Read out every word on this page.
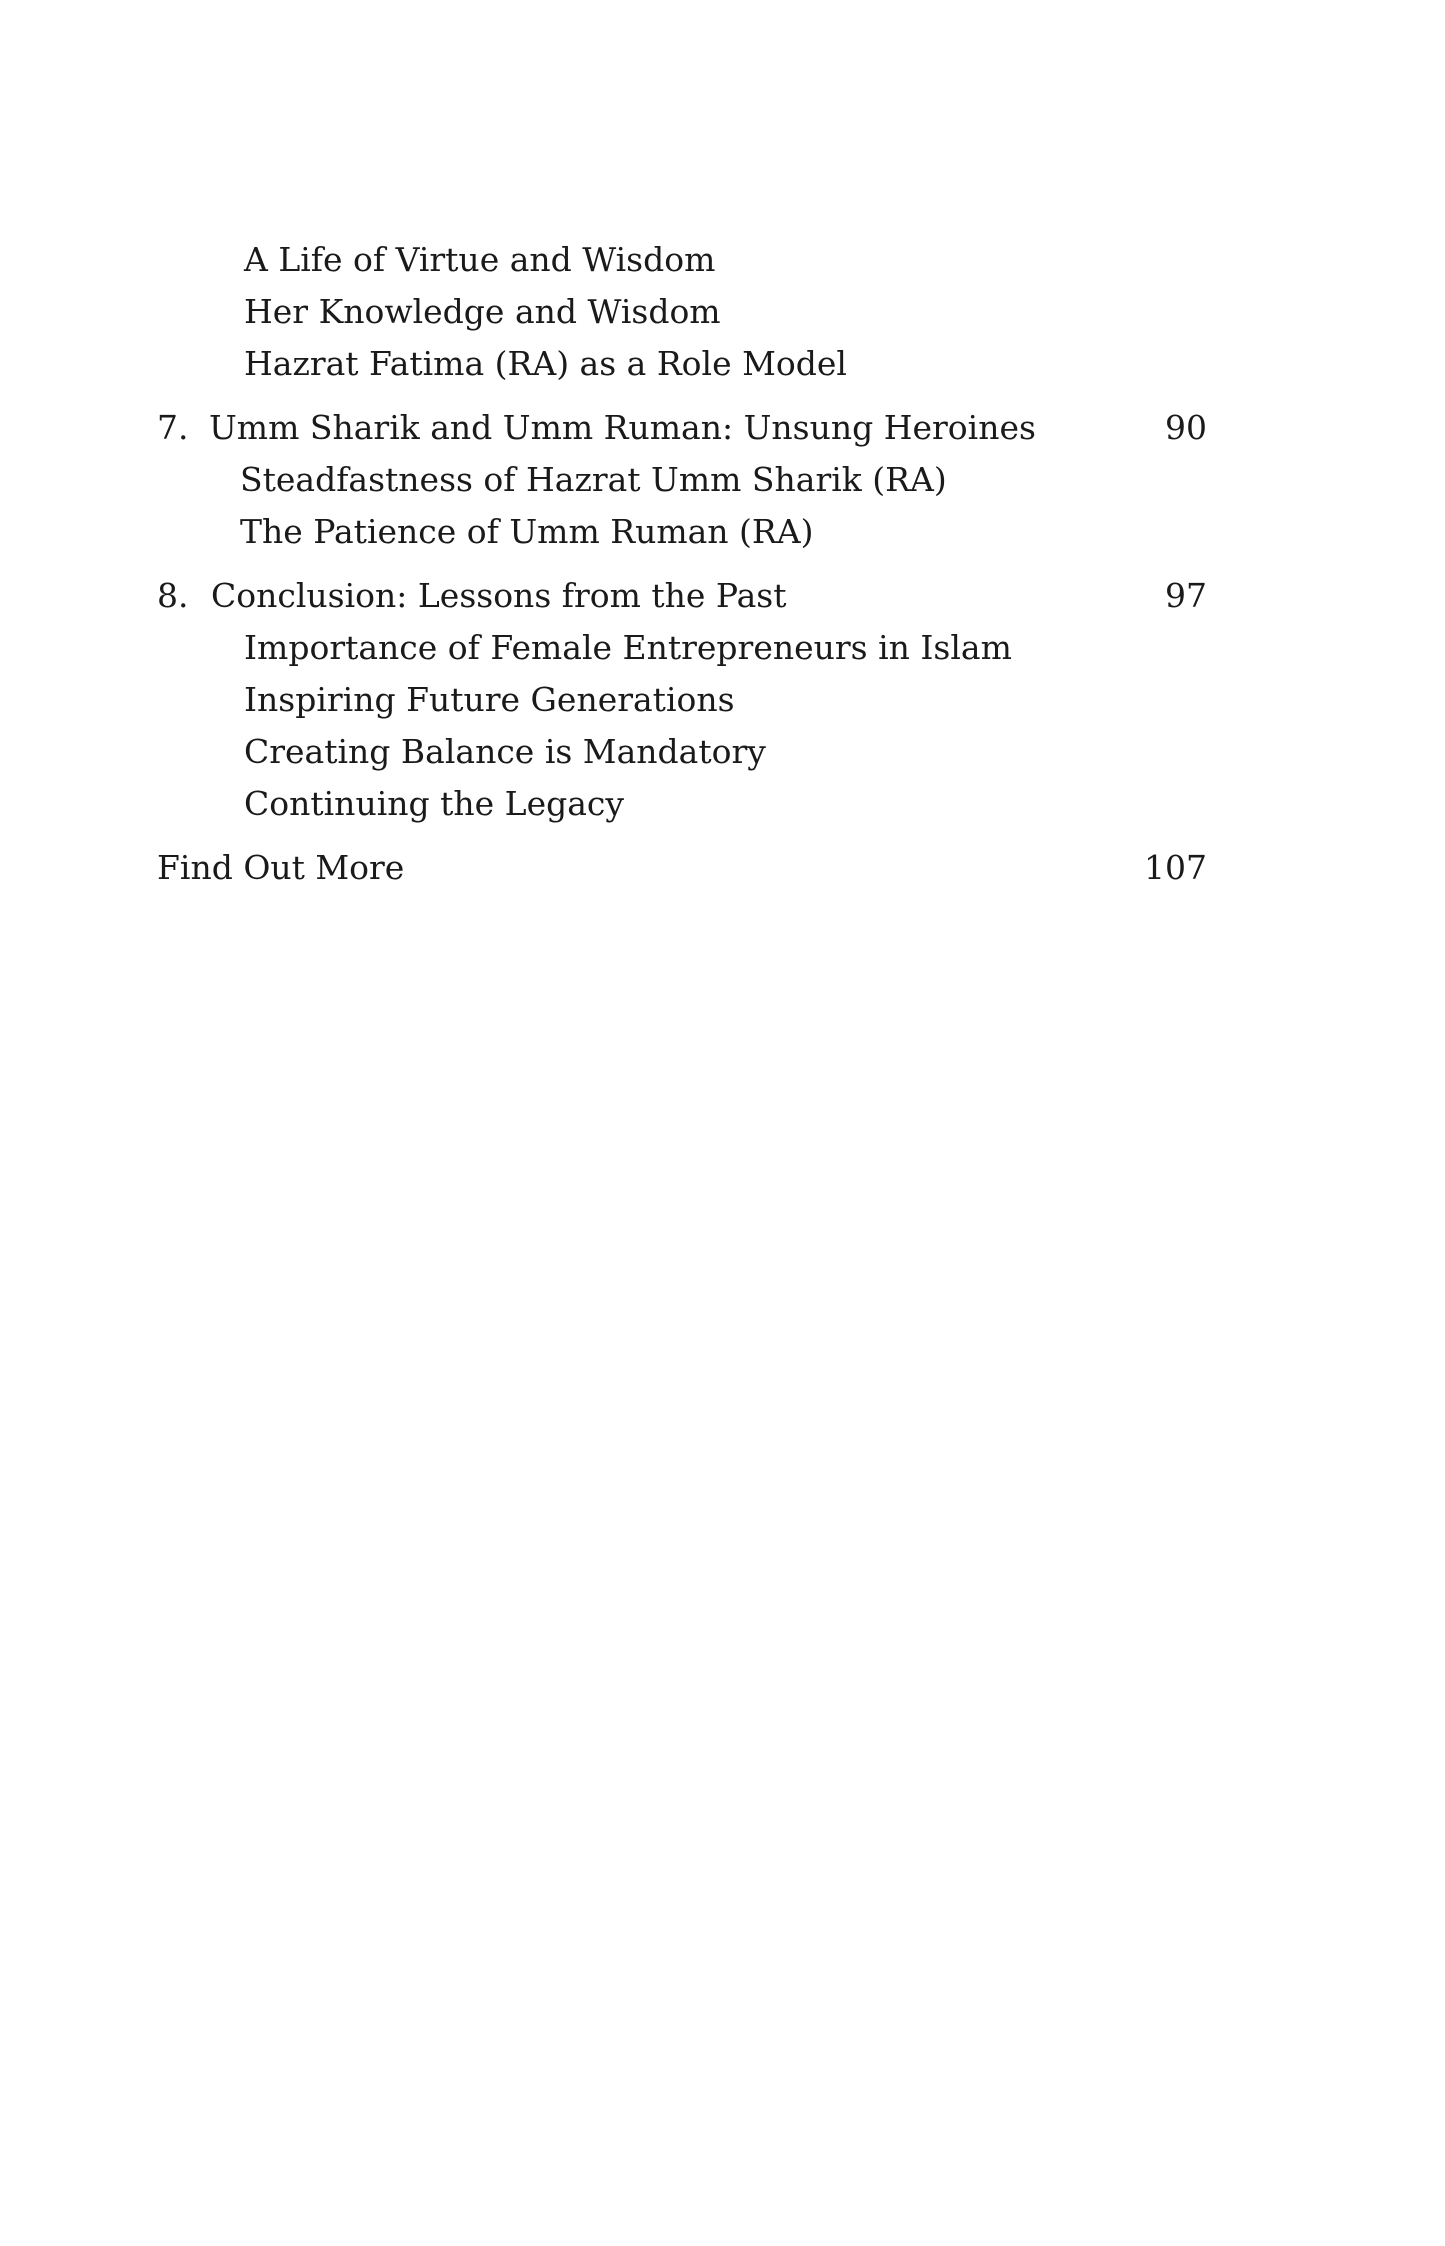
A Life of Virtue and Wisdom
Her Knowledge and Wisdom
Hazrat Fatima (RA) as a Role Model
7. Umm Sharik and Umm Ruman: Unsung Heroines	90
Steadfastness of Hazrat Umm Sharik (RA)
The Patience of Umm Ruman (RA)
8. Conclusion: Lessons from the Past	97
Importance of Female Entrepreneurs in Islam
Inspiring Future Generations
Creating Balance is Mandatory
Continuing the Legacy
Find Out More	107
